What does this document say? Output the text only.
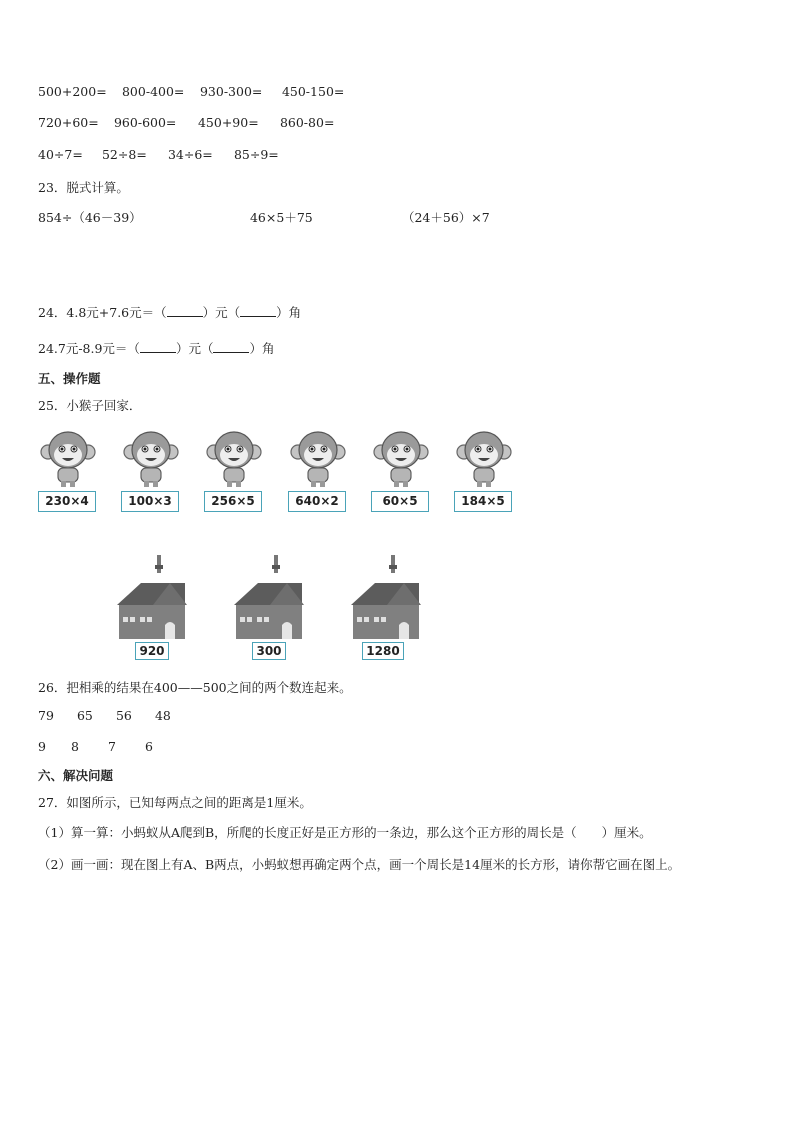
500+200= 800-400= 930-300= 450-150=
720+60= 960-600= 450+90= 860-80=
40÷7= 52÷8= 34÷6= 85÷9=
23．脱式计算。
854÷（46－39）	46×5＋75	（24＋56）×7
24．4.8元+7.6元＝（	）元（	）角
24.7元-8.9元＝（	）元（	）角
五、操作题
25．小猴子回家．
230×4	100×3	256×5	640×2	60×5	184×5
920	300	1280
26．把相乘的结果在400——500之间的两个数连起来。
79 65 56 48
9 8 7 6
六、解决问题
27．如图所示，已知每两点之间的距离是1厘米。
（1）算一算：小蚂蚁从A爬到B，所爬的长度正好是正方形的一条边，那么这个正方形的周长是（　　）厘米。
（2）画一画：现在图上有A、B两点，小蚂蚁想再确定两个点，画一个周长是14厘米的长方形，请你帮它画在图上。
